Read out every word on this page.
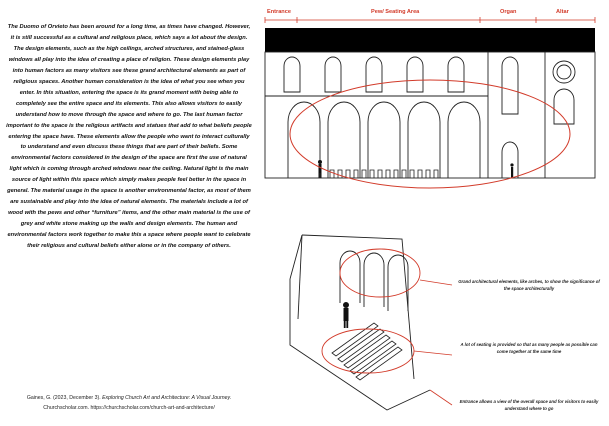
The Duomo of Orvieto has been around for a long time, as times have changed. However, it is still successful as a cultural and religious place, which says a lot about the design. The design elements, such as the high ceilings, arched structures, and stained-glass windows all play into the idea of creating a place of religion. These design elements play into human factors as many visitors see these grand architectural elements as part of religious spaces. Another human consideration is the idea of what you see when you enter. In this situation, entering the space is its grand moment with being able to completely see the entire space and its elements. This also allows visitors to easily understand how to move through the space and where to go. The last human factor important to the space is the religious artifacts and statues that add to what beliefs people entering the space have. These elements allow the people who want to interact culturally to understand and even discuss these things that are part of their beliefs. Some environmental factors considered in the design of the space are first the use of natural light which is coming through arched windows near the ceiling. Natural light is the main source of light within this space which simply makes people feel better in the space in general. The material usage in the space is another environmental factor, as most of them are sustainable and play into the idea of natural elements. The materials include a lot of wood with the pews and other “furniture” items, and the other main material is the use of grey and white stone making up the walls and design elements. The human and environmental factors work together to make this a space where people want to celebrate their religious and cultural beliefs either alone or in the company of others.

Gaines, G. (2023, December 3). Exploring Church Art and Architecture: A Visual Journey.
Churchscholar.com. https://churchscholar.com/church-art-and-architecture/
Entrance	Pew/ Seating Area	Organ	Altar
Grand architectural elements, like arches, to show the significance of the space architecturally
A lot of seating is provided so that as many people as possible can come together at the same time
Entrance allows a view of the overall space and for visitors to easily understand where to go
